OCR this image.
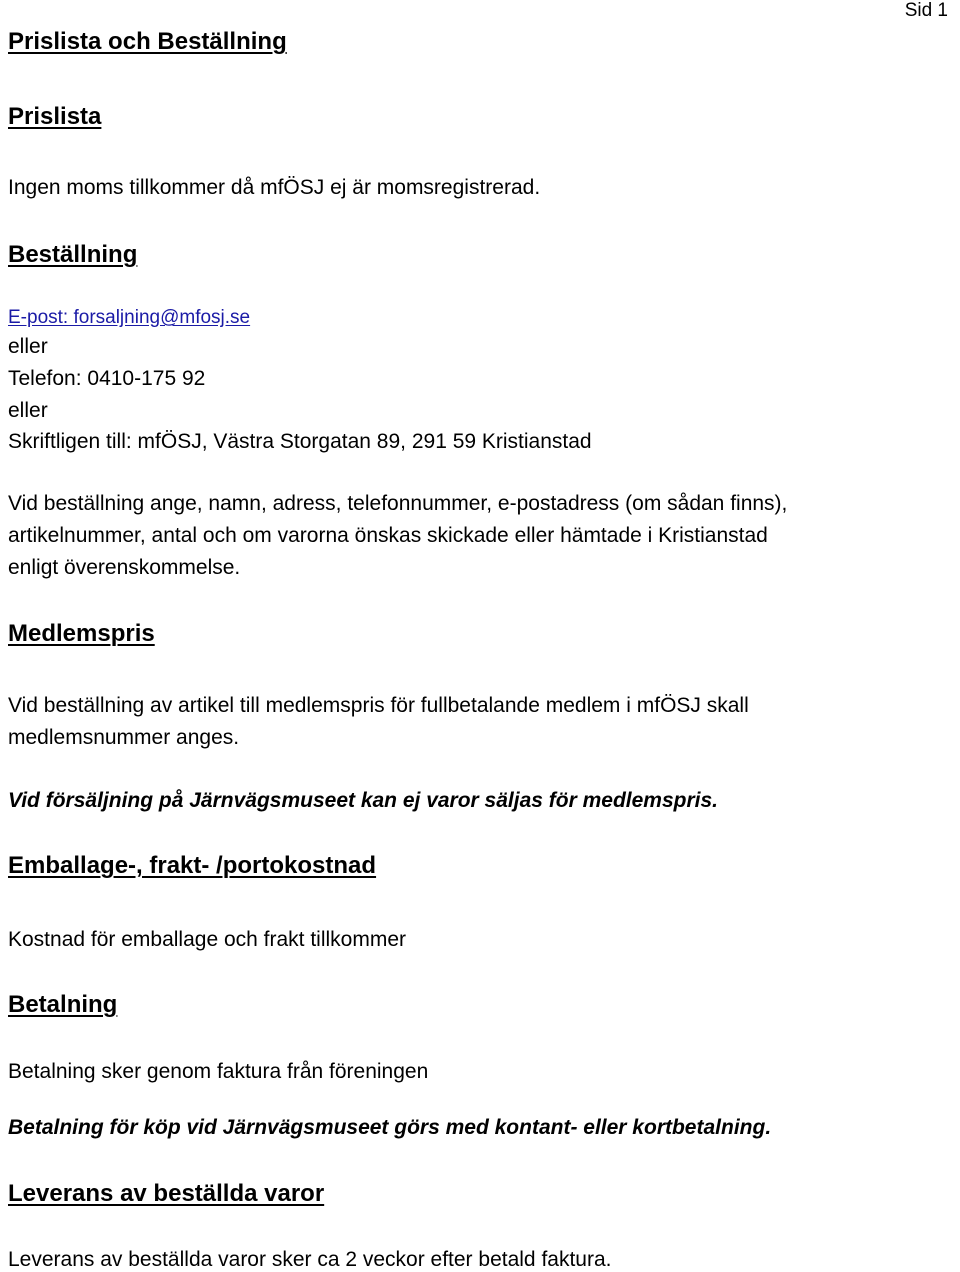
Sid 1
Prislista och Beställning
Prislista
Ingen moms tillkommer då mfÖSJ ej är momsregistrerad.
Beställning
E-post: forsaljning@mfosj.se
eller
Telefon: 0410-175 92
eller
Skriftligen till: mfÖSJ, Västra Storgatan 89, 291 59 Kristianstad
Vid beställning ange, namn, adress, telefonnummer, e-postadress (om sådan finns),
artikelnummer, antal och om varorna önskas skickade eller hämtade i Kristianstad
enligt överenskommelse.
Medlemspris
Vid beställning av artikel till medlemspris för fullbetalande medlem i mfÖSJ skall
medlemsnummer anges.
Vid försäljning på Järnvägsmuseet kan ej varor säljas för medlemspris.
Emballage-, frakt- /portokostnad
Kostnad för emballage och frakt tillkommer
Betalning
Betalning sker genom faktura från föreningen
Betalning för köp vid Järnvägsmuseet görs med kontant- eller kortbetalning.
Leverans av beställda varor
Leverans av beställda varor sker ca 2 veckor efter betald faktura.
